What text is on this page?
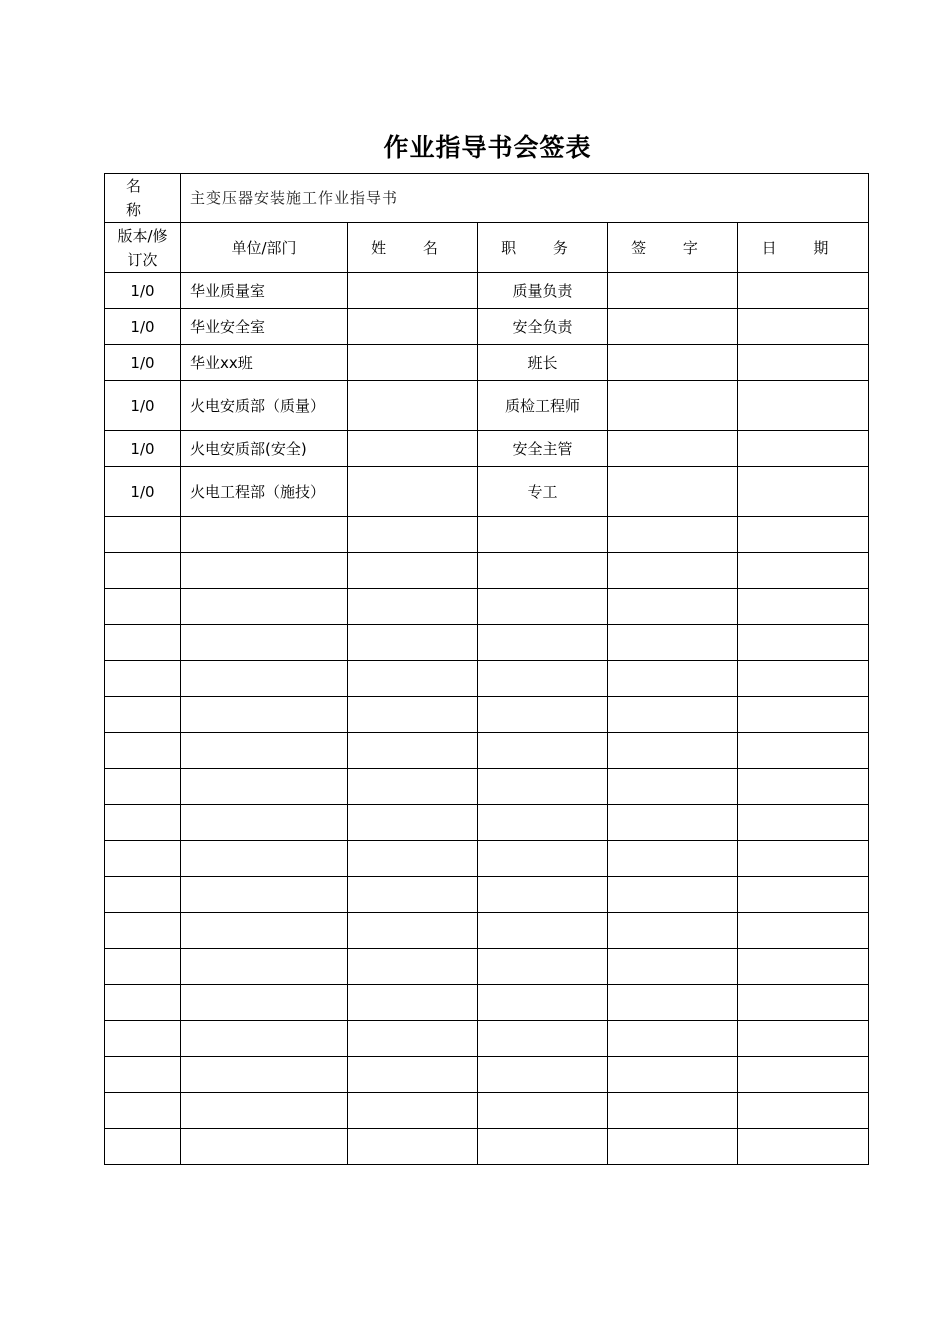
作业指导书会签表
名 称	主变压器安装施工作业指导书				
版本/修订次	单位/部门	姓 名	职 务	签 字	日 期
1/0	华业质量室		质量负责		
1/0	华业安全室		安全负责		
1/0	华业xx班		班长		
1/0	火电安质部（质量）		质检工程师		
1/0	火电安质部(安全)		安全主管		
1/0	火电工程部（施技）		专工		
